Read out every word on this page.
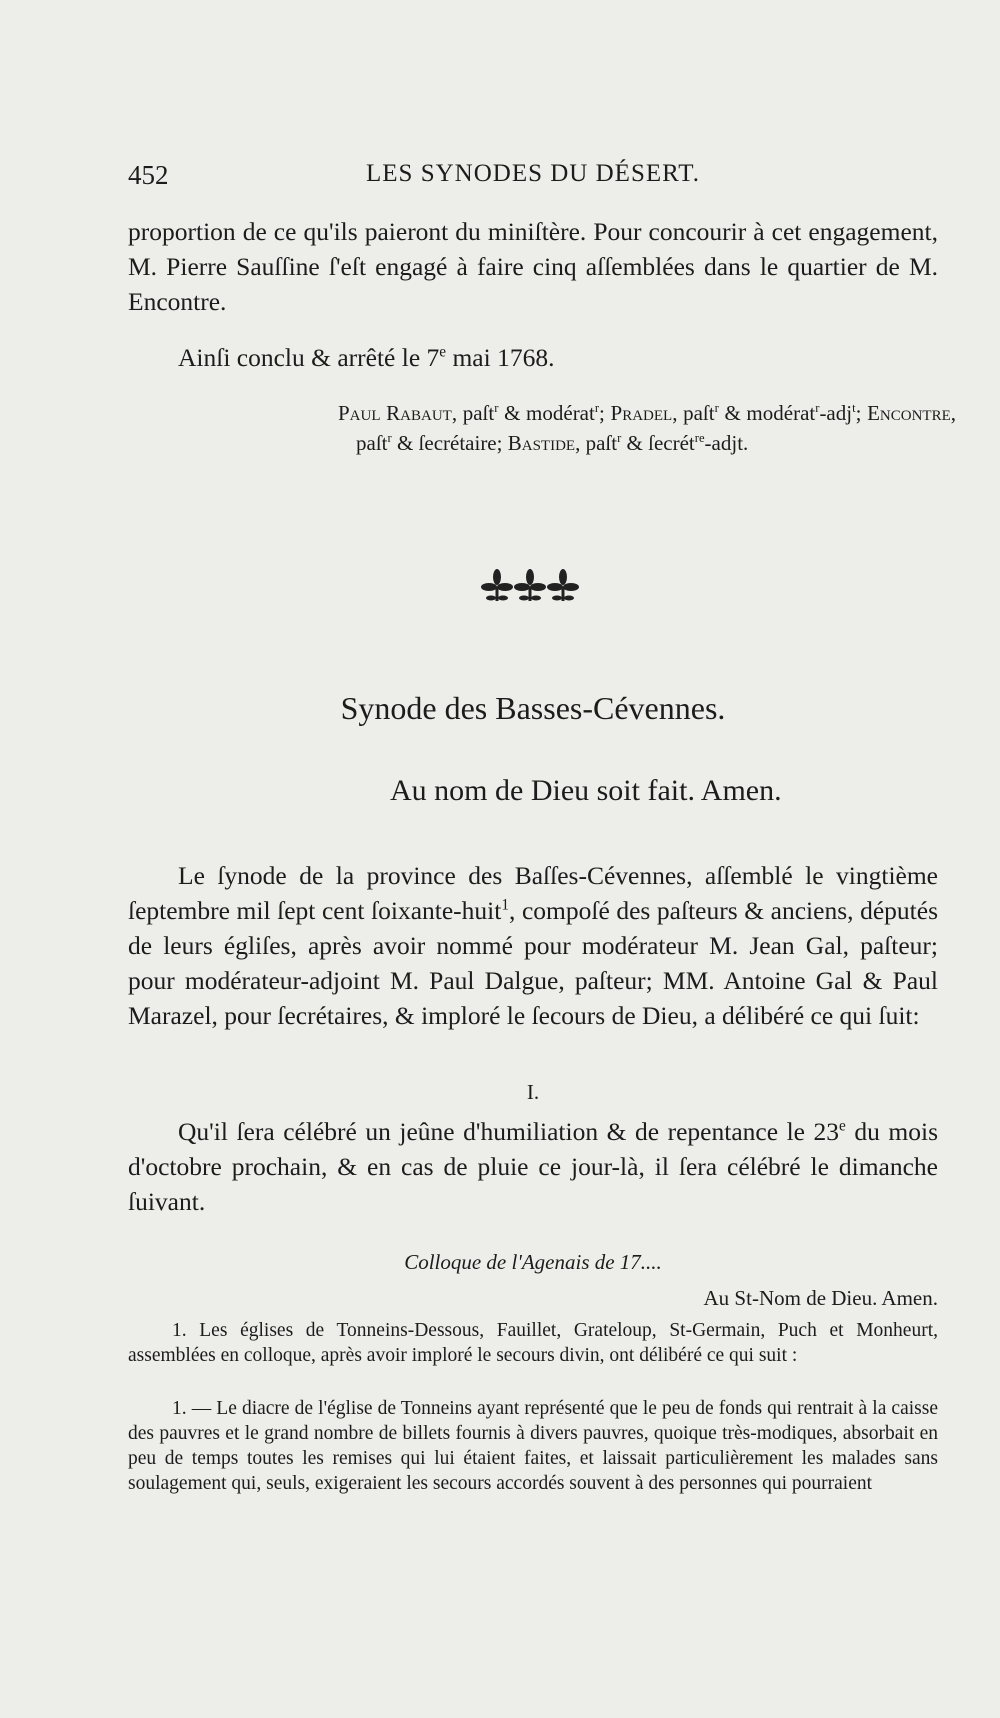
452	LES SYNODES DU DÉSERT.

proportion de ce qu'ils paieront du miniſtère. Pour concourir à cet engagement, M. Pierre Sauſſine ſ'eſt engagé à faire cinq aſſemblées dans le quartier de M. Encontre.

Ainſi conclu & arrêté le 7e mai 1768.

Paul Rabaut, paſt$^r$ & modérat$^r$; Pradel, paſt$^r$ & modérat$^r$-adj$^t$; Encontre, paſt$^r$ & ſecrétaire; Bastide, paſt$^r$ & ſecrét$^{re}$-adjt.
Synode des Basses-Cévennes.
Au nom de Dieu soit fait. Amen.

Le ſynode de la province des Baſſes-Cévennes, aſſemblé le vingtième ſeptembre mil ſept cent ſoixante-huit$^1$, compoſé des paſteurs & anciens, députés de leurs égliſes, après avoir nommé pour modérateur M. Jean Gal, paſteur; pour modérateur-adjoint M. Paul Dalgue, paſteur; MM. Antoine Gal & Paul Marazel, pour ſecrétaires, & imploré le ſecours de Dieu, a délibéré ce qui ſuit:

I.

Qu'il ſera célébré un jeûne d'humiliation & de repentance le 23e du mois d'octobre prochain, & en cas de pluie ce jour-là, il ſera célébré le dimanche ſuivant.

Colloque de l'Agenais de 17....
Au St-Nom de Dieu. Amen.

1. Les églises de Tonneins-Dessous, Fauillet, Grateloup, St-Germain, Puch et Monheurt, assemblées en colloque, après avoir imploré le secours divin, ont délibéré ce qui suit :

1. — Le diacre de l'église de Tonneins ayant représenté que le peu de fonds qui rentrait à la caisse des pauvres et le grand nombre de billets fournis à divers pauvres, quoique très-modiques, absorbait en peu de temps toutes les remises qui lui étaient faites, et laissait particulièrement les malades sans soulagement qui, seuls, exigeraient les secours accordés souvent à des personnes qui pourraient
